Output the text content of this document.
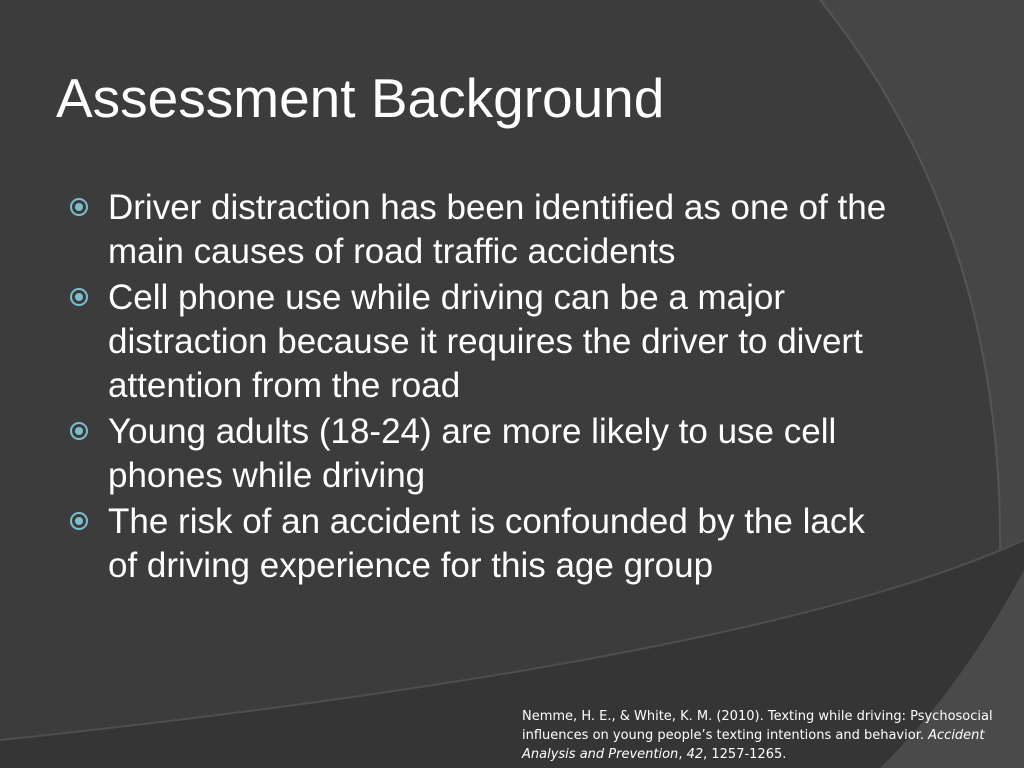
Assessment Background
Driver distraction has been identified as one of the main causes of road traffic accidents
Cell phone use while driving can be a major distraction because it requires the driver to divert attention from the road
Young adults (18-24) are more likely to use cell phones while driving
The risk of an accident is confounded by the lack of driving experience for this age group
Nemme, H. E., & White, K. M. (2010). Texting while driving: Psychosocial influences on young people’s texting intentions and behavior. Accident Analysis and Prevention, 42, 1257-1265.
